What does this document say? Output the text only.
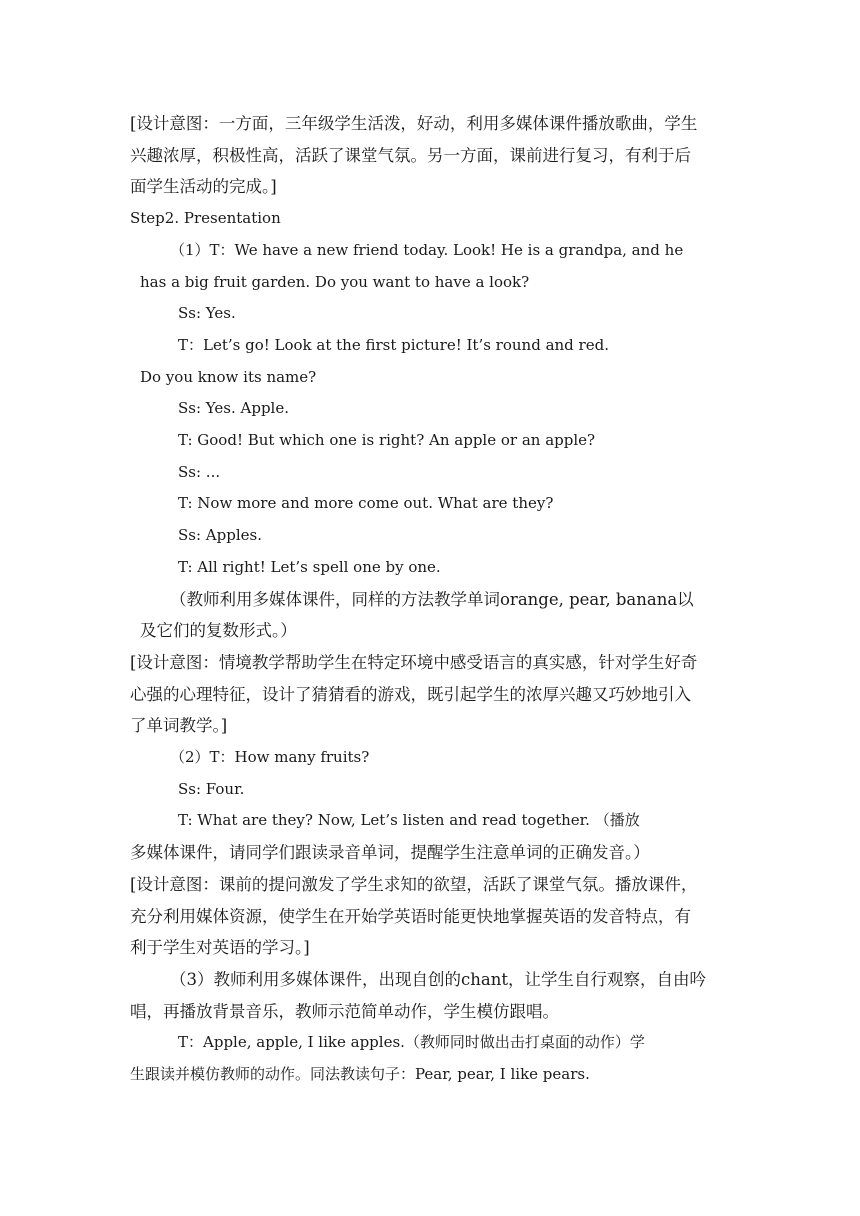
[设计意图：一方面，三年级学生活泼，好动，利用多媒体课件播放歌曲，学生

兴趣浓厚，积极性高，活跃了课堂气氛。另一方面，课前进行复习，有利于后

面学生活动的完成。]

Step2. Presentation

（1）T：We have a new friend today. Look! He is a grandpa, and he

has a big fruit garden. Do you want to have a look?

Ss: Yes.

T：Let’s go! Look at the first picture! It’s round and red.

Do you know its name?

Ss: Yes. Apple.

T: Good! But which one is right? An apple or an apple?

Ss: ...

T: Now more and more come out. What are they?

Ss: Apples.

T: All right! Let’s spell one by one.

（教师利用多媒体课件，同样的方法教学单词orange, pear, banana以

及它们的复数形式。）

[设计意图：情境教学帮助学生在特定环境中感受语言的真实感，针对学生好奇

心强的心理特征，设计了猜猜看的游戏，既引起学生的浓厚兴趣又巧妙地引入

了单词教学。]

（2）T：How many fruits?

Ss: Four.

T: What are they? Now, Let’s listen and read together. （播放

多媒体课件，请同学们跟读录音单词，提醒学生注意单词的正确发音。）

[设计意图：课前的提问激发了学生求知的欲望，活跃了课堂气氛。播放课件，

充分利用媒体资源，使学生在开始学英语时能更快地掌握英语的发音特点，有

利于学生对英语的学习。]

（3）教师利用多媒体课件，出现自创的chant，让学生自行观察，自由吟

唱，再播放背景音乐，教师示范简单动作，学生模仿跟唱。

T：Apple, apple, I like apples.（教师同时做出击打桌面的动作）学

生跟读并模仿教师的动作。同法教读句子：Pear, pear, I like pears.
